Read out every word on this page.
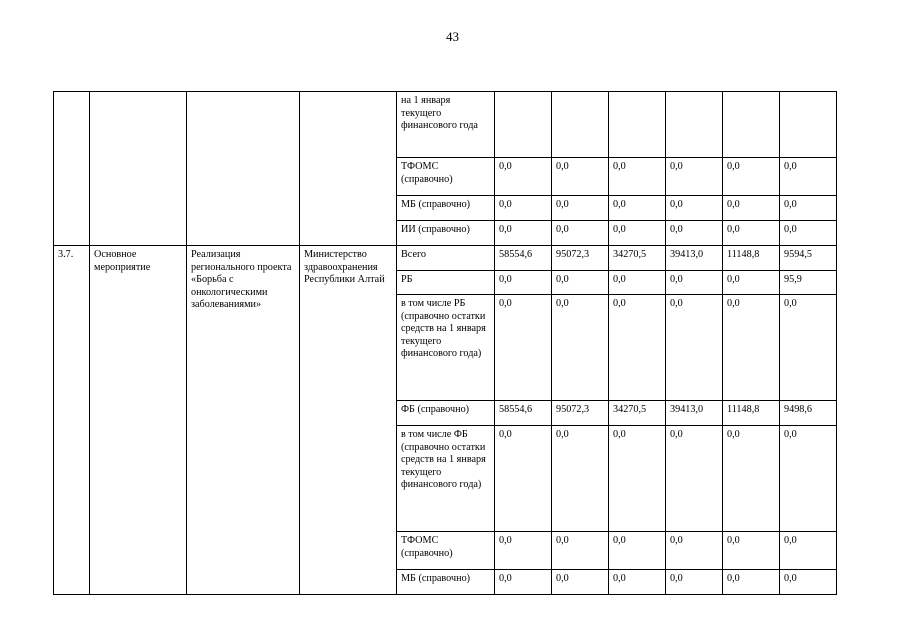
43
				на 1 января текущего финансового года						
				ТФОМС (справочно)	0,0	0,0	0,0	0,0	0,0	0,0
				МБ (справочно)	0,0	0,0	0,0	0,0	0,0	0,0
				ИИ (справочно)	0,0	0,0	0,0	0,0	0,0	0,0
3.7.	Основное мероприятие	Реализация регионального проекта «Борьба с онкологическими заболеваниями»	Министерство здравоохранения Республики Алтай	Всего	58554,6	95072,3	34270,5	39413,0	11148,8	9594,5
				РБ	0,0	0,0	0,0	0,0	0,0	95,9
				в том числе РБ (справочно остатки средств на 1 января текущего финансового года)	0,0	0,0	0,0	0,0	0,0	0,0
				ФБ (справочно)	58554,6	95072,3	34270,5	39413,0	11148,8	9498,6
				в том числе ФБ (справочно остатки средств на 1 января текущего финансового года)	0,0	0,0	0,0	0,0	0,0	0,0
				ТФОМС (справочно)	0,0	0,0	0,0	0,0	0,0	0,0
				МБ (справочно)	0,0	0,0	0,0	0,0	0,0	0,0
